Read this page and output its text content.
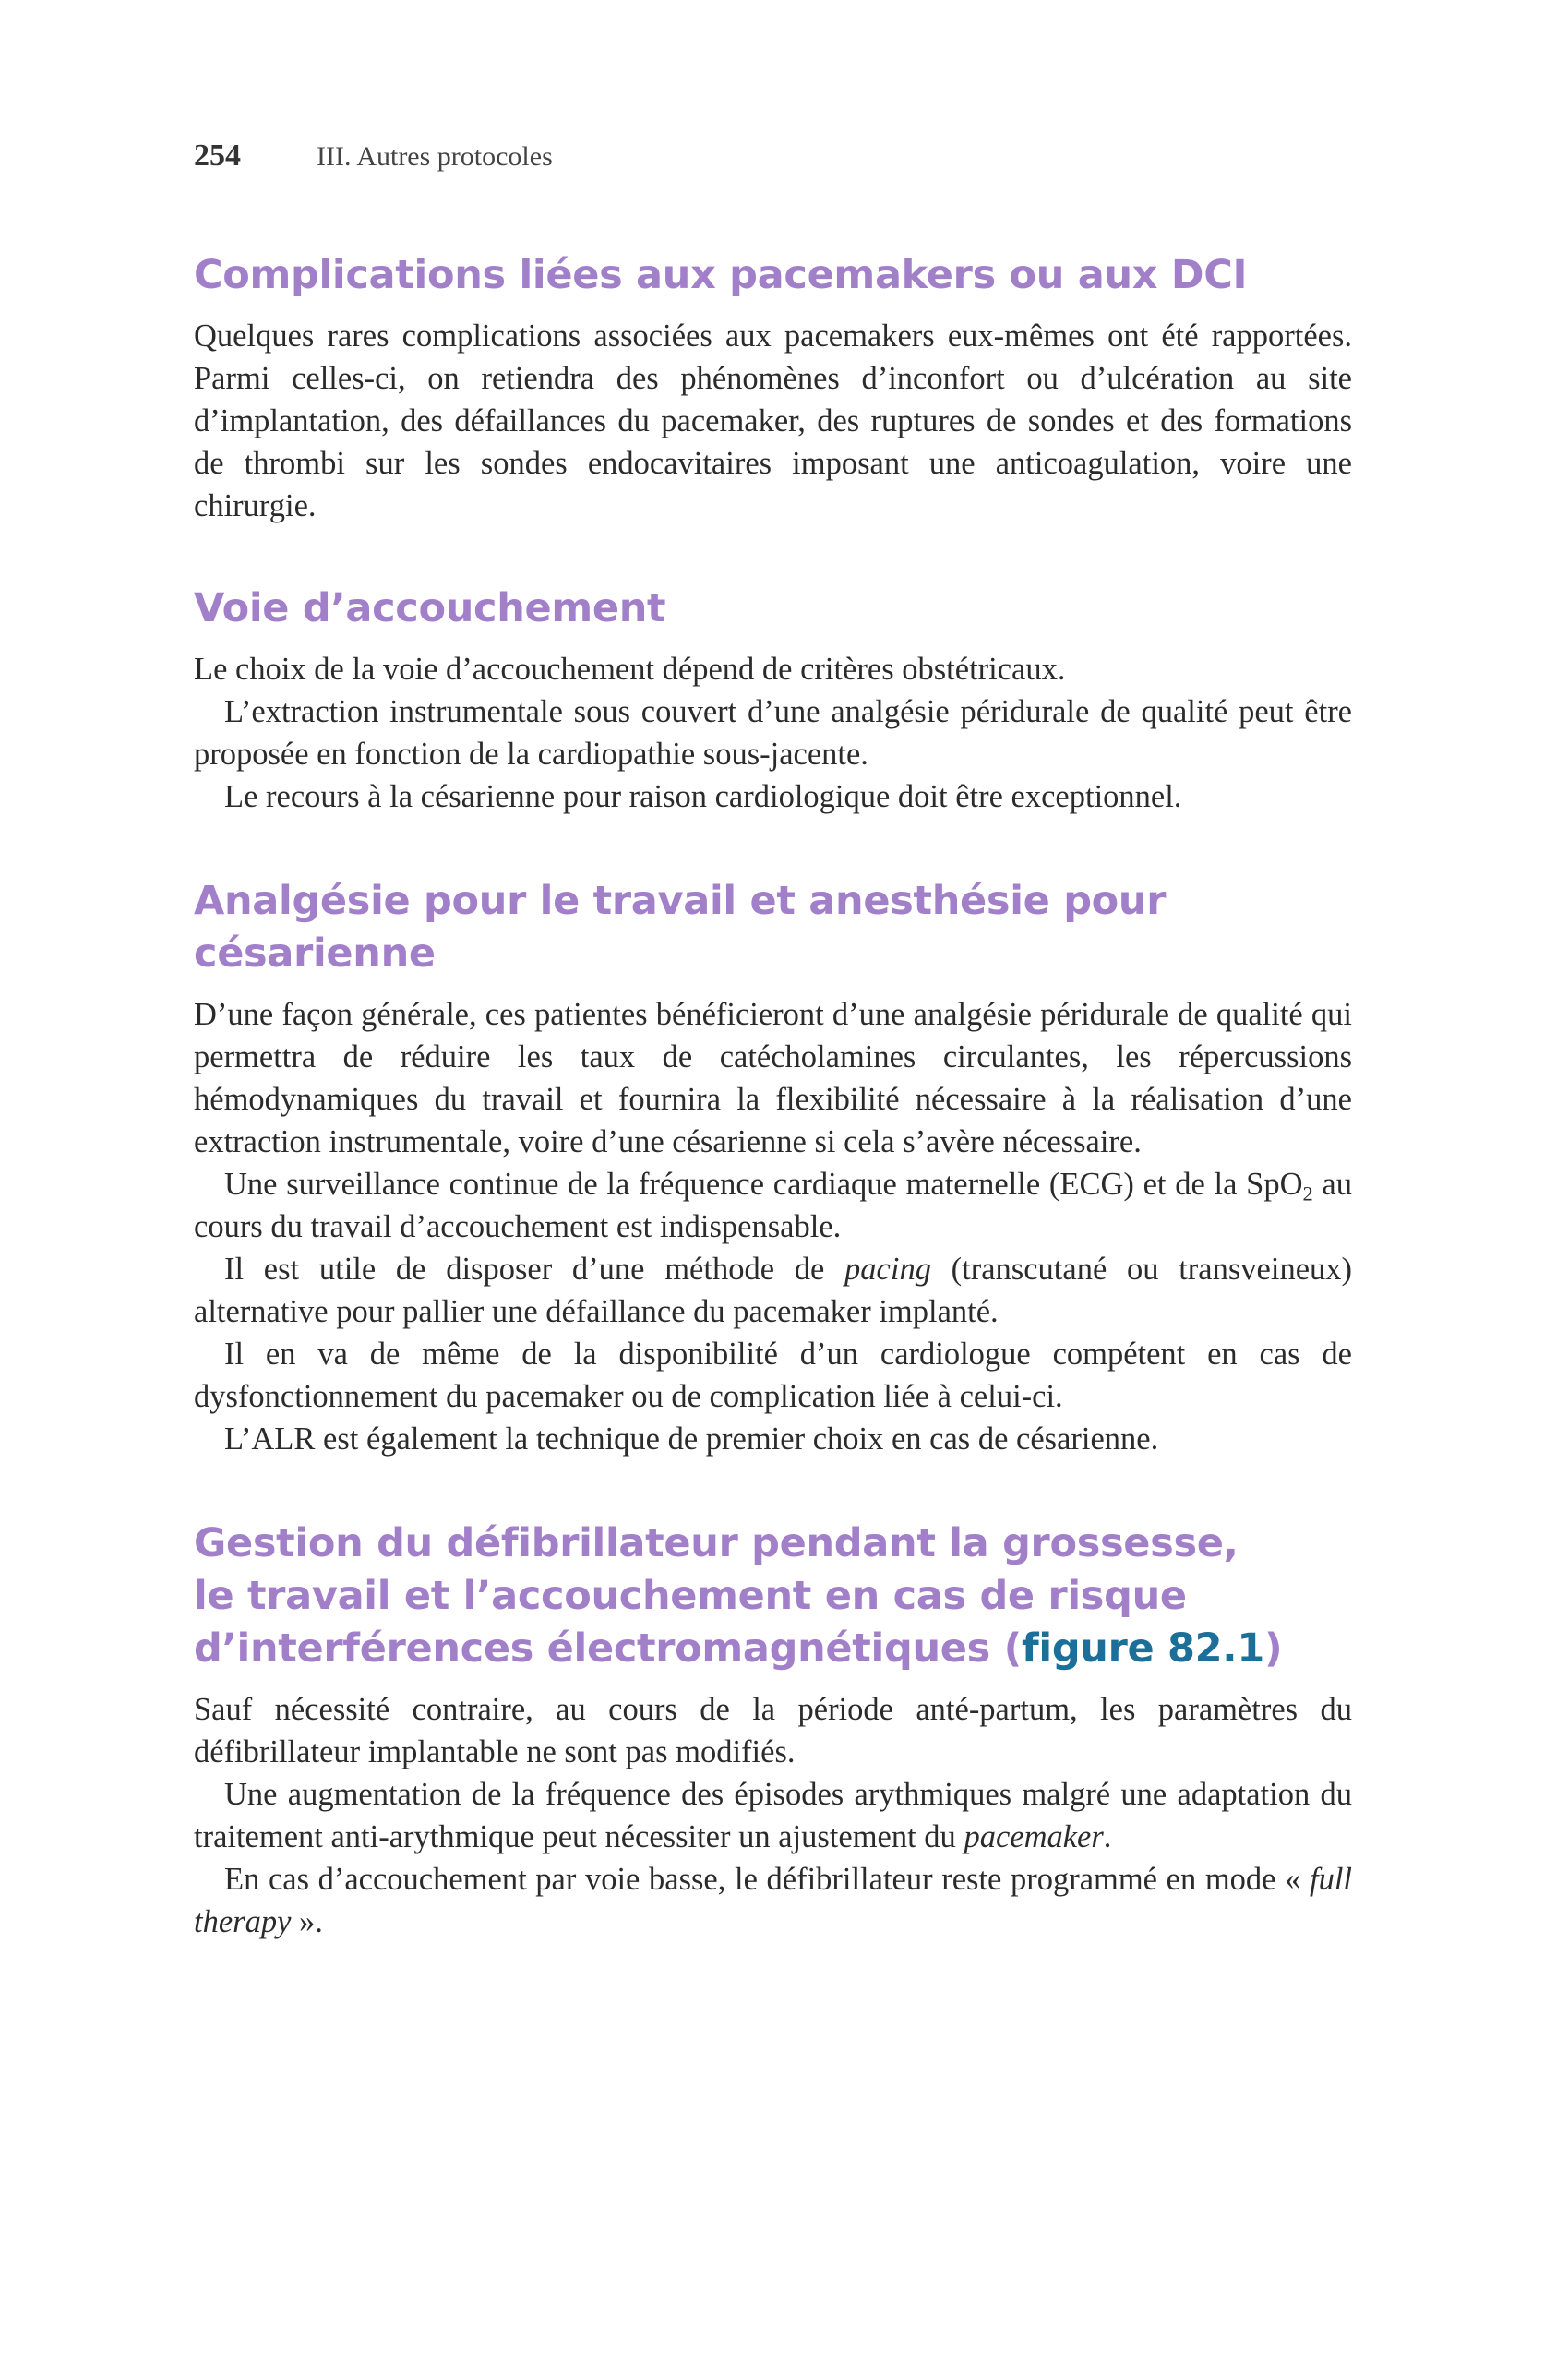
254	III. Autres protocoles
Complications liées aux pacemakers ou aux DCI

Quelques rares complications associées aux pacemakers eux-mêmes ont été rapportées. Parmi celles-ci, on retiendra des phénomènes d’inconfort ou d’ulcération au site d’implantation, des défaillances du pacemaker, des ruptures de sondes et des formations de thrombi sur les sondes endocavitaires imposant une anticoagulation, voire une chirurgie.

Voie d’accouchement

Le choix de la voie d’accouchement dépend de critères obstétricaux.

L’extraction instrumentale sous couvert d’une analgésie péridurale de qualité peut être proposée en fonction de la cardiopathie sous-jacente.

Le recours à la césarienne pour raison cardiologique doit être exceptionnel.

Analgésie pour le travail et anesthésie pour
césarienne

D’une façon générale, ces patientes bénéficieront d’une analgésie péridurale de qualité qui permettra de réduire les taux de catécholamines circulantes, les répercussions hémodynamiques du travail et fournira la flexibilité nécessaire à la réalisation d’une extraction instrumentale, voire d’une césarienne si cela s’avère nécessaire.

Une surveillance continue de la fréquence cardiaque maternelle (ECG) et de la SpO$_2$ au cours du travail d’accouchement est indispensable.

Il est utile de disposer d’une méthode de pacing (transcutané ou transveineux) alternative pour pallier une défaillance du pacemaker implanté.

Il en va de même de la disponibilité d’un cardiologue compétent en cas de dysfonctionnement du pacemaker ou de complication liée à celui-ci.

L’ALR est également la technique de premier choix en cas de césarienne.

Gestion du défibrillateur pendant la grossesse,
le travail et l’accouchement en cas de risque
d’interférences électromagnétiques (figure 82.1)

Sauf nécessité contraire, au cours de la période anté-partum, les paramètres du défibrillateur implantable ne sont pas modifiés.

Une augmentation de la fréquence des épisodes arythmiques malgré une adaptation du traitement anti-arythmique peut nécessiter un ajustement du pacemaker.

En cas d’accouchement par voie basse, le défibrillateur reste programmé en mode « full therapy ».
